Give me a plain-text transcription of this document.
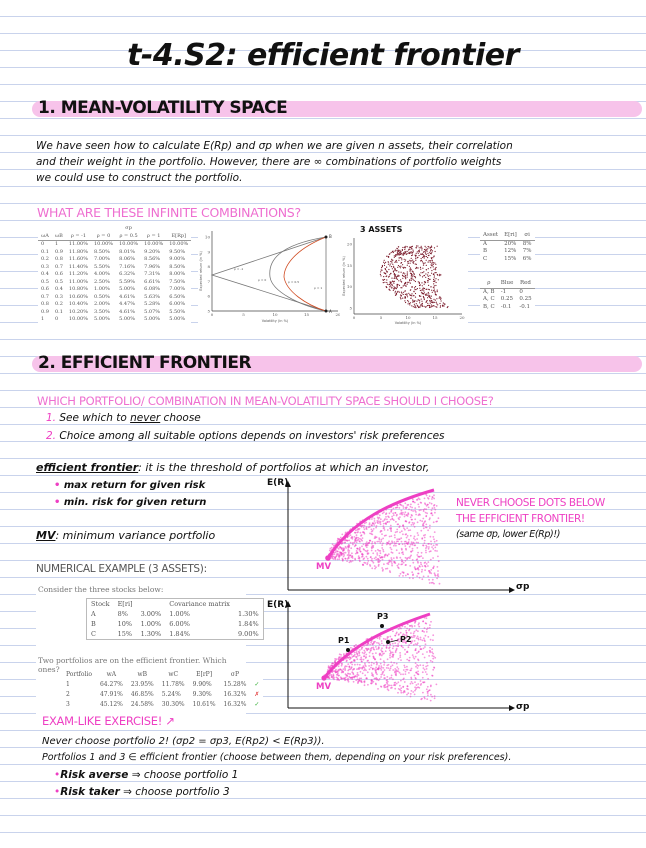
t-4.S2: efficient frontier
1. MEAN-VOLATILITY SPACE
We have seen how to calculate E(Rp) and σp when we are given n assets, their correlation
and their weight in the portfolio. However, there are ∞ combinations of portfolio weights
we could use to construct the portfolio.
WHAT ARE THESE INFINITE COMBINATIONS?
				σp		
ωA	ωB	ρ = -1	ρ = 0	ρ = 0.5	ρ = 1	E[Rp]
0	1	11.00%	10.00%	10.00%	10.00%	10.00%
0.1	0.9	11.80%	8.50%	8.01%	9.20%	9.50%
0.2	0.8	11.60%	7.00%	8.06%	8.56%	9.00%
0.3	0.7	11.40%	5.50%	7.16%	7.96%	8.50%
0.4	0.6	11.20%	4.00%	6.32%	7.31%	8.00%
0.5	0.5	11.00%	2.50%	5.59%	6.61%	7.50%
0.6	0.4	10.80%	1.00%	5.00%	6.08%	7.00%
0.7	0.3	10.60%	0.50%	4.61%	5.63%	6.50%
0.8	0.2	10.40%	2.00%	4.47%	5.28%	6.00%
0.9	0.1	10.20%	3.50%	4.61%	5.07%	5.50%
1	0	10.00%	5.00%	5.00%	5.00%	5.00%
10
9
8
7
6
5
0	5	10	15	20
Expected return (in %)
Volatility (in %)
B
A
ρ = -1
ρ = 0	ρ = 0.5
ρ = 1
3 ASSETS
20
15
10
5
0	5	10	15	20
Expected return (in %)
Volatility (in %)
Asset	E[ri]	σi
A	20%	8%
B	12%	7%
C	15%	6%
ρ	Blue	Red
A, B	-1	0
A, C	0.25	0.25
B, C	-0.1	-0.1
2. EFFICIENT FRONTIER
WHICH PORTFOLIO/ COMBINATION IN MEAN-VOLATILITY SPACE SHOULD I CHOOSE?
1. See which to never choose
2. Choice among all suitable options depends on investors' risk preferences
efficient frontier: it is the threshold of portfolios at which an investor,
• max return for given risk
• min. risk for given return
MV: minimum variance portfolio
NUMERICAL EXAMPLE (3 ASSETS):
Consider the three stocks below:
Stock	E[ri]		Covariance matrix	
A	8%	3.00%	1.00%	1.30%
B	10%	1.00%	6.00%	1.84%
C	15%	1.30%	1.84%	9.00%
Two portfolios are on the efficient frontier. Which ones?
Portfolio	wA	wB	wC	E[rP]	σP	
1	64.27%	23.95%	11.78%	9.90%	15.28%	✓
2	47.91%	46.85%	5.24%	9.30%	16.32%	✗
3	45.12%	24.58%	30.30%	10.61%	16.32%	✓
E(R)
σp
MV
NEVER CHOOSE DOTS BELOW
THE EFFICIENT FRONTIER!
(same σp, lower E(Rp)!)
E(R)
σp
MV
P3
P1	P2
EXAM-LIKE EXERCISE! ↗
Never choose portfolio 2! (σp2 = σp3, E(Rp2) < E(Rp3)).
Portfolios 1 and 3 ∈ efficient frontier (choose between them, depending on your risk preferences).
•Risk averse ⇒ choose portfolio 1
•Risk taker ⇒ choose portfolio 3
